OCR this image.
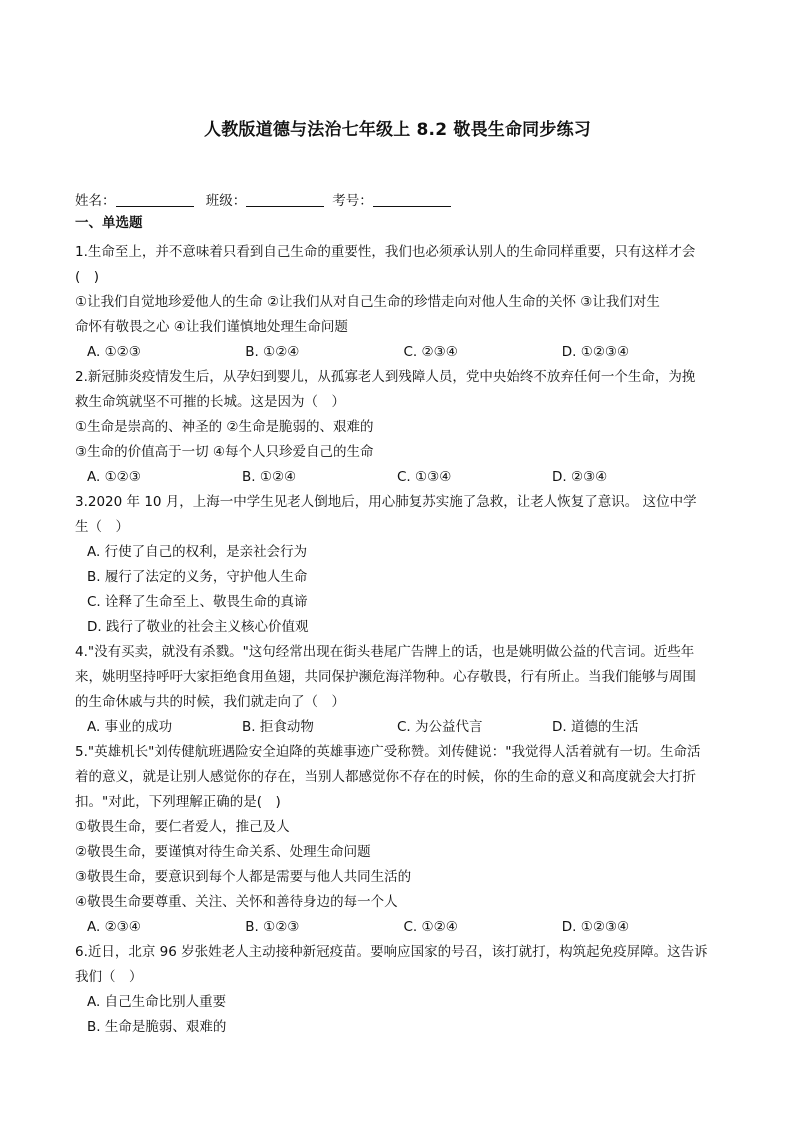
人教版道德与法治七年级上 8.2 敬畏生命同步练习
姓名：	班级：	考号：
一、单选题

1.生命至上，并不意味着只看到自己生命的重要性，我们也必须承认别人的生命同样重要，只有这样才会

(　)

①让我们自觉地珍爱他人的生命 ②让我们从对自己生命的珍惜走向对他人生命的关怀 ③让我们对生

命怀有敬畏之心 ④让我们谨慎地处理生命问题

A. ①②③	B. ①②④	C. ②③④	D. ①②③④

2.新冠肺炎疫情发生后，从孕妇到婴儿，从孤寡老人到残障人员，党中央始终不放弃任何一个生命，为挽

救生命筑就坚不可摧的长城。这是因为（　）

①生命是崇高的、神圣的 ②生命是脆弱的、艰难的

③生命的价值高于一切 ④每个人只珍爱自己的生命

A. ①②③	B. ①②④	C. ①③④	D. ②③④

3.2020 年 10 月，上海一中学生见老人倒地后，用心肺复苏实施了急救，让老人恢复了意识。 这位中学

生（　）

A. 行使了自己的权利，是亲社会行为
B. 履行了法定的义务，守护他人生命
C. 诠释了生命至上、敬畏生命的真谛
D. 践行了敬业的社会主义核心价值观

4."没有买卖，就没有杀戮。"这句经常出现在街头巷尾广告牌上的话，也是姚明做公益的代言词。近些年

来，姚明坚持呼吁大家拒绝食用鱼翅，共同保护濒危海洋物种。心存敬畏，行有所止。当我们能够与周围

的生命休戚与共的时候，我们就走向了（　）

A. 事业的成功	B. 拒食动物	C. 为公益代言	D. 道德的生活

5."英雄机长"刘传健航班遇险安全迫降的英雄事迹广受称赞。刘传健说："我觉得人活着就有一切。生命活

着的意义，就是让别人感觉你的存在，当别人都感觉你不存在的时候，你的生命的意义和高度就会大打折

扣。"对此，下列理解正确的是(　)

①敬畏生命，要仁者爱人，推己及人

②敬畏生命，要谨慎对待生命关系、处理生命问题

③敬畏生命，要意识到每个人都是需要与他人共同生活的

④敬畏生命要尊重、关注、关怀和善待身边的每一个人

A. ②③④	B. ①②③	C. ①②④	D. ①②③④

6.近日，北京 96 岁张姓老人主动接种新冠疫苗。要响应国家的号召，该打就打，构筑起免疫屏障。这告诉

我们（　）

A. 自己生命比别人重要
B. 生命是脆弱、艰难的
